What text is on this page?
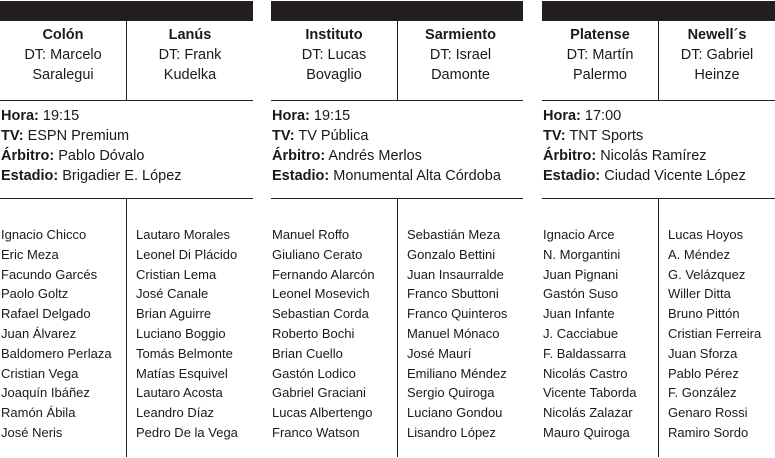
Colón
DT: Marcelo
Saralegui
Lanús
DT: Frank
Kudelka
Hora: 19:15
TV: ESPN Premium
Árbitro: Pablo Dóvalo
Estadio: Brigadier E. López
Ignacio Chicco
Eric Meza
Facundo Garcés
Paolo Goltz
Rafael Delgado
Juan Álvarez
Baldomero Perlaza
Cristian Vega
Joaquín Ibáñez
Ramón Ábila
José Neris
Lautaro Morales
Leonel Di Plácido
Cristian Lema
José Canale
Brian Aguirre
Luciano Boggio
Tomás Belmonte
Matías Esquivel
Lautaro Acosta
Leandro Díaz
Pedro De la Vega
Instituto
DT: Lucas
Bovaglio
Sarmiento
DT: Israel
Damonte
Hora: 19:15
TV: TV Pública
Árbitro: Andrés Merlos
Estadio: Monumental Alta Córdoba
Manuel Roffo
Giuliano Cerato
Fernando Alarcón
Leonel Mosevich
Sebastian Corda
Roberto Bochi
Brian Cuello
Gastón Lodico
Gabriel Graciani
Lucas Albertengo
Franco Watson
Sebastián Meza
Gonzalo Bettini
Juan Insaurralde
Franco Sbuttoni
Franco Quinteros
Manuel Mónaco
José Maurí
Emiliano Méndez
Sergio Quiroga
Luciano Gondou
Lisandro López
Platense
DT: Martín
Palermo
Newell´s
DT: Gabriel
Heinze
Hora: 17:00
TV: TNT Sports
Árbitro: Nicolás Ramírez
Estadio: Ciudad Vicente López
Ignacio Arce
N. Morgantini
Juan Pignani
Gastón Suso
Juan Infante
J. Cacciabue
F. Baldassarra
Nicolás Castro
Vicente Taborda
Nicolás Zalazar
Mauro Quiroga
Lucas Hoyos
A. Méndez
G. Velázquez
Willer Ditta
Bruno Pittón
Cristian Ferreira
Juan Sforza
Pablo Pérez
F. González
Genaro Rossi
Ramiro Sordo
